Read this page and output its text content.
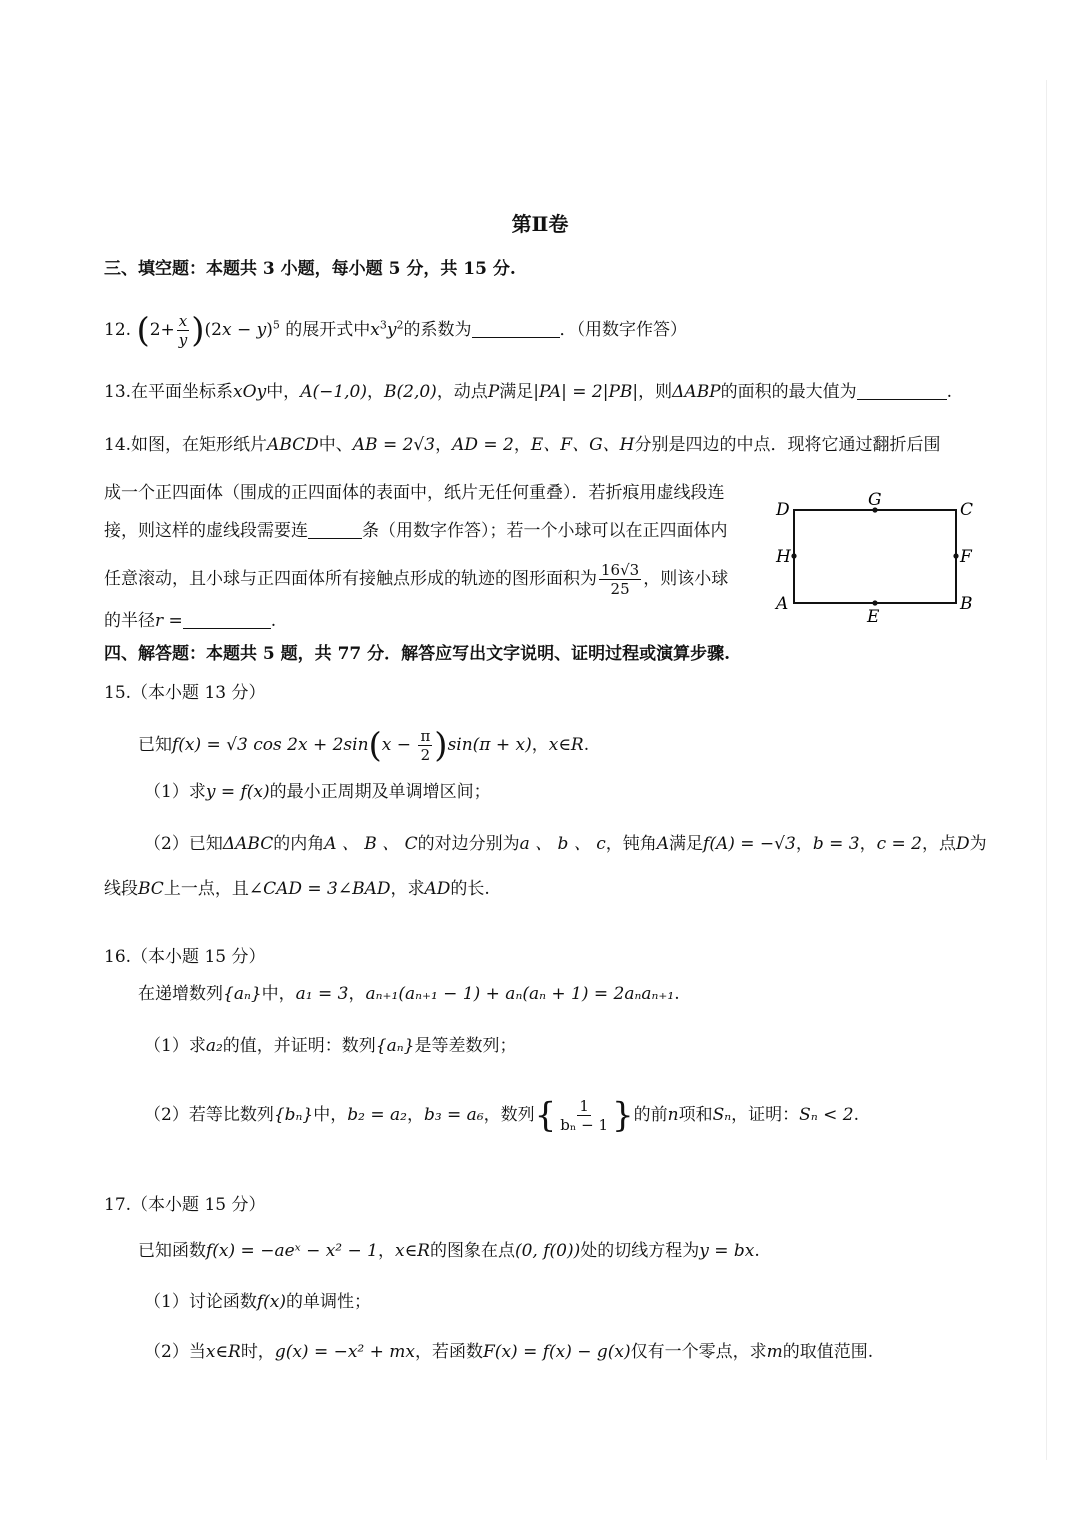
第Ⅱ卷
三、填空题：本题共 3 小题，每小题 5 分，共 15 分.
12. $(2+ \frac{x}{y} )(2x - y)^5$ 的展开式中$x^3y^2$的系数为	．（用数字作答）
13.在平面坐标系xOy中，A(−1,0)，B(2,0)，动点P满足|PA| = 2|PB|，则ΔABP的面积的最大值为	.
14.如图，在矩形纸片ABCD中、AB = 2√3，AD = 2，E、F、G、H分别是四边的中点．现将它通过翻折后围
成一个正四面体（围成的正四面体的表面中，纸片无任何重叠）．若折痕用虚线段连
接，则这样的虚线段需要连	条（用数字作答）；若一个小球可以在正四面体内
任意滚动，且小球与正四面体所有接触点形成的轨迹的图形面积为 $\frac{16√3}{25}$ ，则该小球
的半径r =	.
D	C
A	B
G
E
H	F
四、解答题：本题共 5 题，共 77 分．解答应写出文字说明、证明过程或演算步骤.
15.（本小题 13 分）
已知f(x) = √3 $\cos 2x + 2\sin(x - \frac{\pi}{2} )\sin(\pi + x)$，x∈R.
（1）求y = f(x)的最小正周期及单调增区间；
（2）已知ΔABC的内角A 、 B 、 C的对边分别为a 、 b 、 c，钝角A满足f(A) = −√3，b = 3，c = 2，点D为
线段BC上一点，且∠CAD = 3∠BAD，求AD的长.
16.（本小题 15 分）
在递增数列{aₙ}中，a₁ = 3，aₙ₊₁(aₙ₊₁ − 1) + aₙ(aₙ + 1) = 2aₙaₙ₊₁.
（1）求a₂的值，并证明：数列{aₙ}是等差数列；
（2）若等比数列{bₙ}中，b₂ = a₂，b₃ = a₆，数列{ $\frac{1}{\text{bₙ − 1}}$ }的前n项和Sₙ，证明：Sₙ < 2.
17.（本小题 15 分）
已知函数f(x) = −aeˣ − x² − 1，x∈R的图象在点(0, f(0))处的切线方程为y = bx.
（1）讨论函数f(x)的单调性；
（2）当x∈R时，g(x) = −x² + mx，若函数F(x) = f(x) − g(x)仅有一个零点，求m的取值范围.
